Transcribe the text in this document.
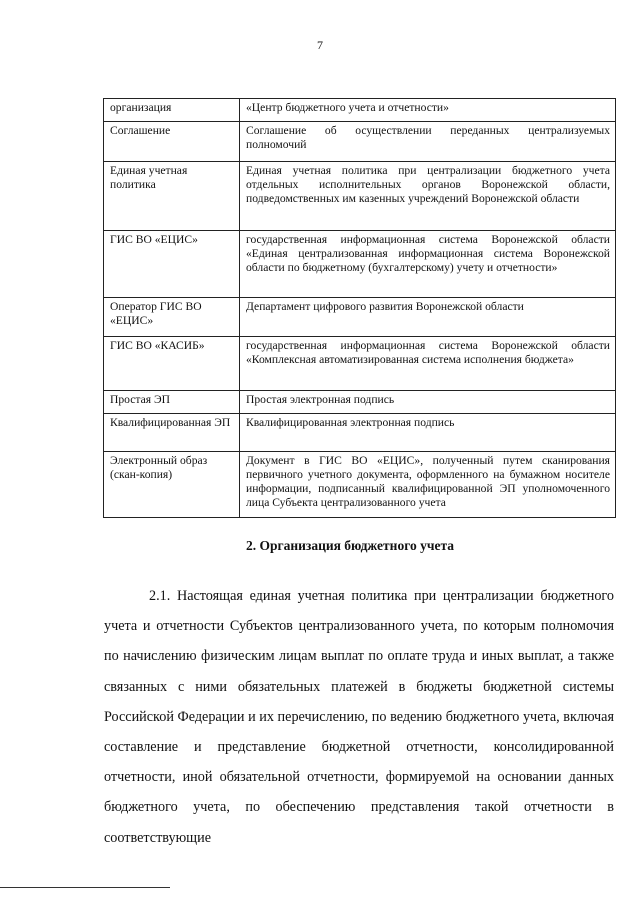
7
организация	«Центр бюджетного учета и отчетности»
Соглашение	Соглашение об осуществлении переданных централизуемых полномочий
Единая учетная политика	Единая учетная политика при централизации бюджетного учета отдельных исполнительных органов Воронежской области, подведомственных им казенных учреждений Воронежской области
ГИС ВО «ЕЦИС»	государственная информационная система Воронежской области «Единая централизованная информационная система Воронежской области по бюджетному (бухгалтерскому) учету и отчетности»
Оператор ГИС ВО «ЕЦИС»	Департамент цифрового развития Воронежской области
ГИС ВО «КАСИБ»	государственная информационная система Воронежской области «Комплексная автоматизированная система исполнения бюджета»
Простая ЭП	Простая электронная подпись
Квалифицированная ЭП	Квалифицированная электронная подпись
Электронный образ (скан-копия)	Документ в ГИС ВО «ЕЦИС», полученный путем сканирования первичного учетного документа, оформленного на бумажном носителе информации, подписанный квалифицированной ЭП уполномоченного лица Субъекта централизованного учета
2. Организация бюджетного учета

2.1. Настоящая единая учетная политика при централизации бюджетного учета и отчетности Субъектов централизованного учета, по которым полномочия по начислению физическим лицам выплат по оплате труда и иных выплат, а также связанных с ними обязательных платежей в бюджеты бюджетной системы Российской Федерации и их перечислению, по ведению бюджетного учета, включая составление и представление бюджетной отчетности, консолидированной отчетности, иной обязательной отчетности, формируемой на основании данных бюджетного учета, по обеспечению представления такой отчетности в соответствующие
